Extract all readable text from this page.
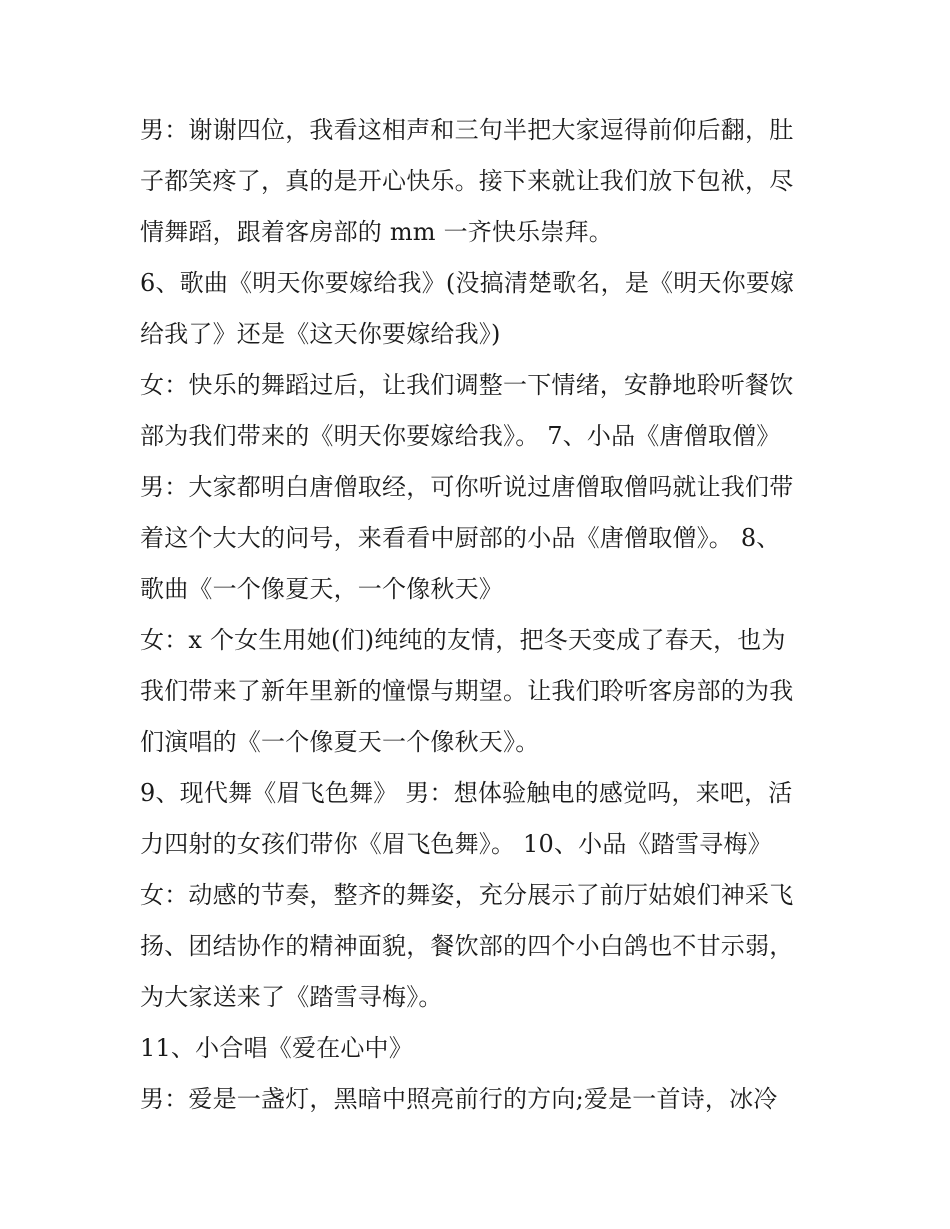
男：谢谢四位，我看这相声和三句半把大家逗得前仰后翻，肚
子都笑疼了，真的是开心快乐。接下来就让我们放下包袱，尽
情舞蹈，跟着客房部的 mm 一齐快乐崇拜。
6、歌曲《明天你要嫁给我》(没搞清楚歌名，是《明天你要嫁
给我了》还是《这天你要嫁给我》)
女：快乐的舞蹈过后，让我们调整一下情绪，安静地聆听餐饮
部为我们带来的《明天你要嫁给我》。 7、小品《唐僧取僧》
男：大家都明白唐僧取经，可你听说过唐僧取僧吗就让我们带
着这个大大的问号，来看看中厨部的小品《唐僧取僧》。 8、
歌曲《一个像夏天，一个像秋天》
女：x 个女生用她(们)纯纯的友情，把冬天变成了春天，也为
我们带来了新年里新的憧憬与期望。让我们聆听客房部的为我
们演唱的《一个像夏天一个像秋天》。
9、现代舞《眉飞色舞》 男：想体验触电的感觉吗，来吧，活
力四射的女孩们带你《眉飞色舞》。 10、小品《踏雪寻梅》
女：动感的节奏，整齐的舞姿，充分展示了前厅姑娘们神采飞
扬、团结协作的精神面貌，餐饮部的四个小白鸽也不甘示弱，
为大家送来了《踏雪寻梅》。
11、小合唱《爱在心中》
男：爱是一盏灯，黑暗中照亮前行的方向;爱是一首诗，冰冷
